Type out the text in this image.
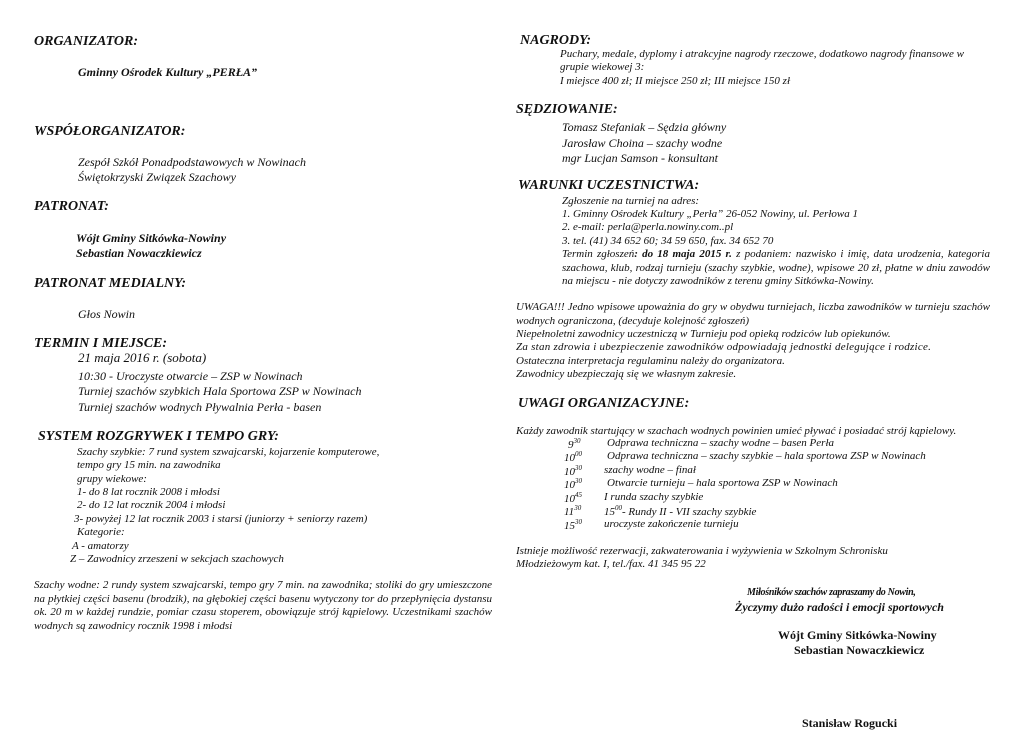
ORGANIZATOR:
Gminny Ośrodek Kultury „PERŁA”
WSPÓŁORGANIZATOR:
Zespół Szkół Ponadpodstawowych w Nowinach
Świętokrzyski Związek Szachowy
PATRONAT:
Wójt Gminy Sitkówka-Nowiny
Sebastian Nowaczkiewicz
PATRONAT MEDIALNY:
Głos Nowin
TERMIN I MIEJSCE:
21 maja 2016 r. (sobota)
10:30 - Uroczyste otwarcie – ZSP w Nowinach
Turniej szachów szybkich Hala Sportowa ZSP w Nowinach
Turniej szachów wodnych Pływalnia Perła - basen
SYSTEM ROZGRYWEK I TEMPO GRY:
Szachy szybkie: 7 rund system szwajcarski, kojarzenie komputerowe,
tempo gry 15 min. na zawodnika
grupy wiekowe:
1- do 8 lat rocznik 2008 i młodsi
2- do 12 lat rocznik 2004 i młodsi
3- powyżej 12 lat rocznik 2003 i starsi (juniorzy + seniorzy razem)
Kategorie:
A - amatorzy
Z – Zawodnicy zrzeszeni w sekcjach szachowych
Szachy wodne: 2 rundy system szwajcarski, tempo gry 7 min. na zawodnika; stoliki do gry umieszczone na płytkiej części basenu (brodzik), na głębokiej części basenu wytyczony tor do przepłynięcia dystansu ok. 20 m w każdej rundzie, pomiar czasu stoperem, obowiązuje strój kąpielowy. Uczestnikami szachów wodnych są zawodnicy rocznik 1998 i młodsi
NAGRODY:
Puchary, medale, dyplomy i atrakcyjne nagrody rzeczowe, dodatkowo nagrody finansowe w
grupie wiekowej 3:
I miejsce 400 zł; II miejsce 250 zł; III miejsce 150 zł
SĘDZIOWANIE:
Tomasz Stefaniak – Sędzia główny
Jarosław Choina – szachy wodne
mgr Lucjan Samson - konsultant
WARUNKI UCZESTNICTWA:
Zgłoszenie na turniej na adres:
1. Gminny Ośrodek Kultury „Perła” 26-052 Nowiny, ul. Perłowa 1
2. e-mail: perla@perla.nowiny.com..pl
3. tel. (41) 34 652 60; 34 59 650, fax. 34 652 70
Termin zgłoszeń: do 18 maja 2015 r. z podaniem: nazwisko i imię, data urodzenia, kategoria szachowa, klub, rodzaj turnieju (szachy szybkie, wodne), wpisowe 20 zł, płatne w dniu zawodów na miejscu - nie dotyczy zawodników z terenu gminy Sitkówka-Nowiny.
UWAGA!!! Jedno wpisowe upoważnia do gry w obydwu turniejach, liczba zawodników w turnieju szachów wodnych ograniczona, (decyduje kolejność zgłoszeń)
Niepełnoletni zawodnicy uczestniczą w Turnieju pod opieką rodziców lub opiekunów.
Za stan zdrowia i ubezpieczenie zawodników odpowiadają jednostki delegujące i rodzice.
Ostateczna interpretacja regulaminu należy do organizatora.
Zawodnicy ubezpieczają się we własnym zakresie.
UWAGI ORGANIZACYJNE:
Każdy zawodnik startujący w szachach wodnych powinien umieć pływać i posiadać strój kąpielowy.
$9^{30}$ Odprawa techniczna – szachy wodne – basen Perła
$10^{00}$ Odprawa techniczna – szachy szybkie – hala sportowa ZSP w Nowinach
$10^{30}$ szachy wodne – finał
$10^{30}$ Otwarcie turnieju – hala sportowa ZSP w Nowinach
$10^{45}$ I runda szachy szybkie
$11^{30}$ $15^{00}-$ Rundy II - VII szachy szybkie
$15^{30}$ uroczyste zakończenie turnieju
Istnieje możliwość rezerwacji, zakwaterowania i wyżywienia w Szkolnym Schronisku
Młodzieżowym kat. I, tel./fax. 41 345 95 22
Miłośników szachów zapraszamy do Nowin,
Życzymy dużo radości i emocji sportowych
Wójt Gminy Sitkówka-Nowiny
Sebastian Nowaczkiewicz
Stanisław Rogucki
